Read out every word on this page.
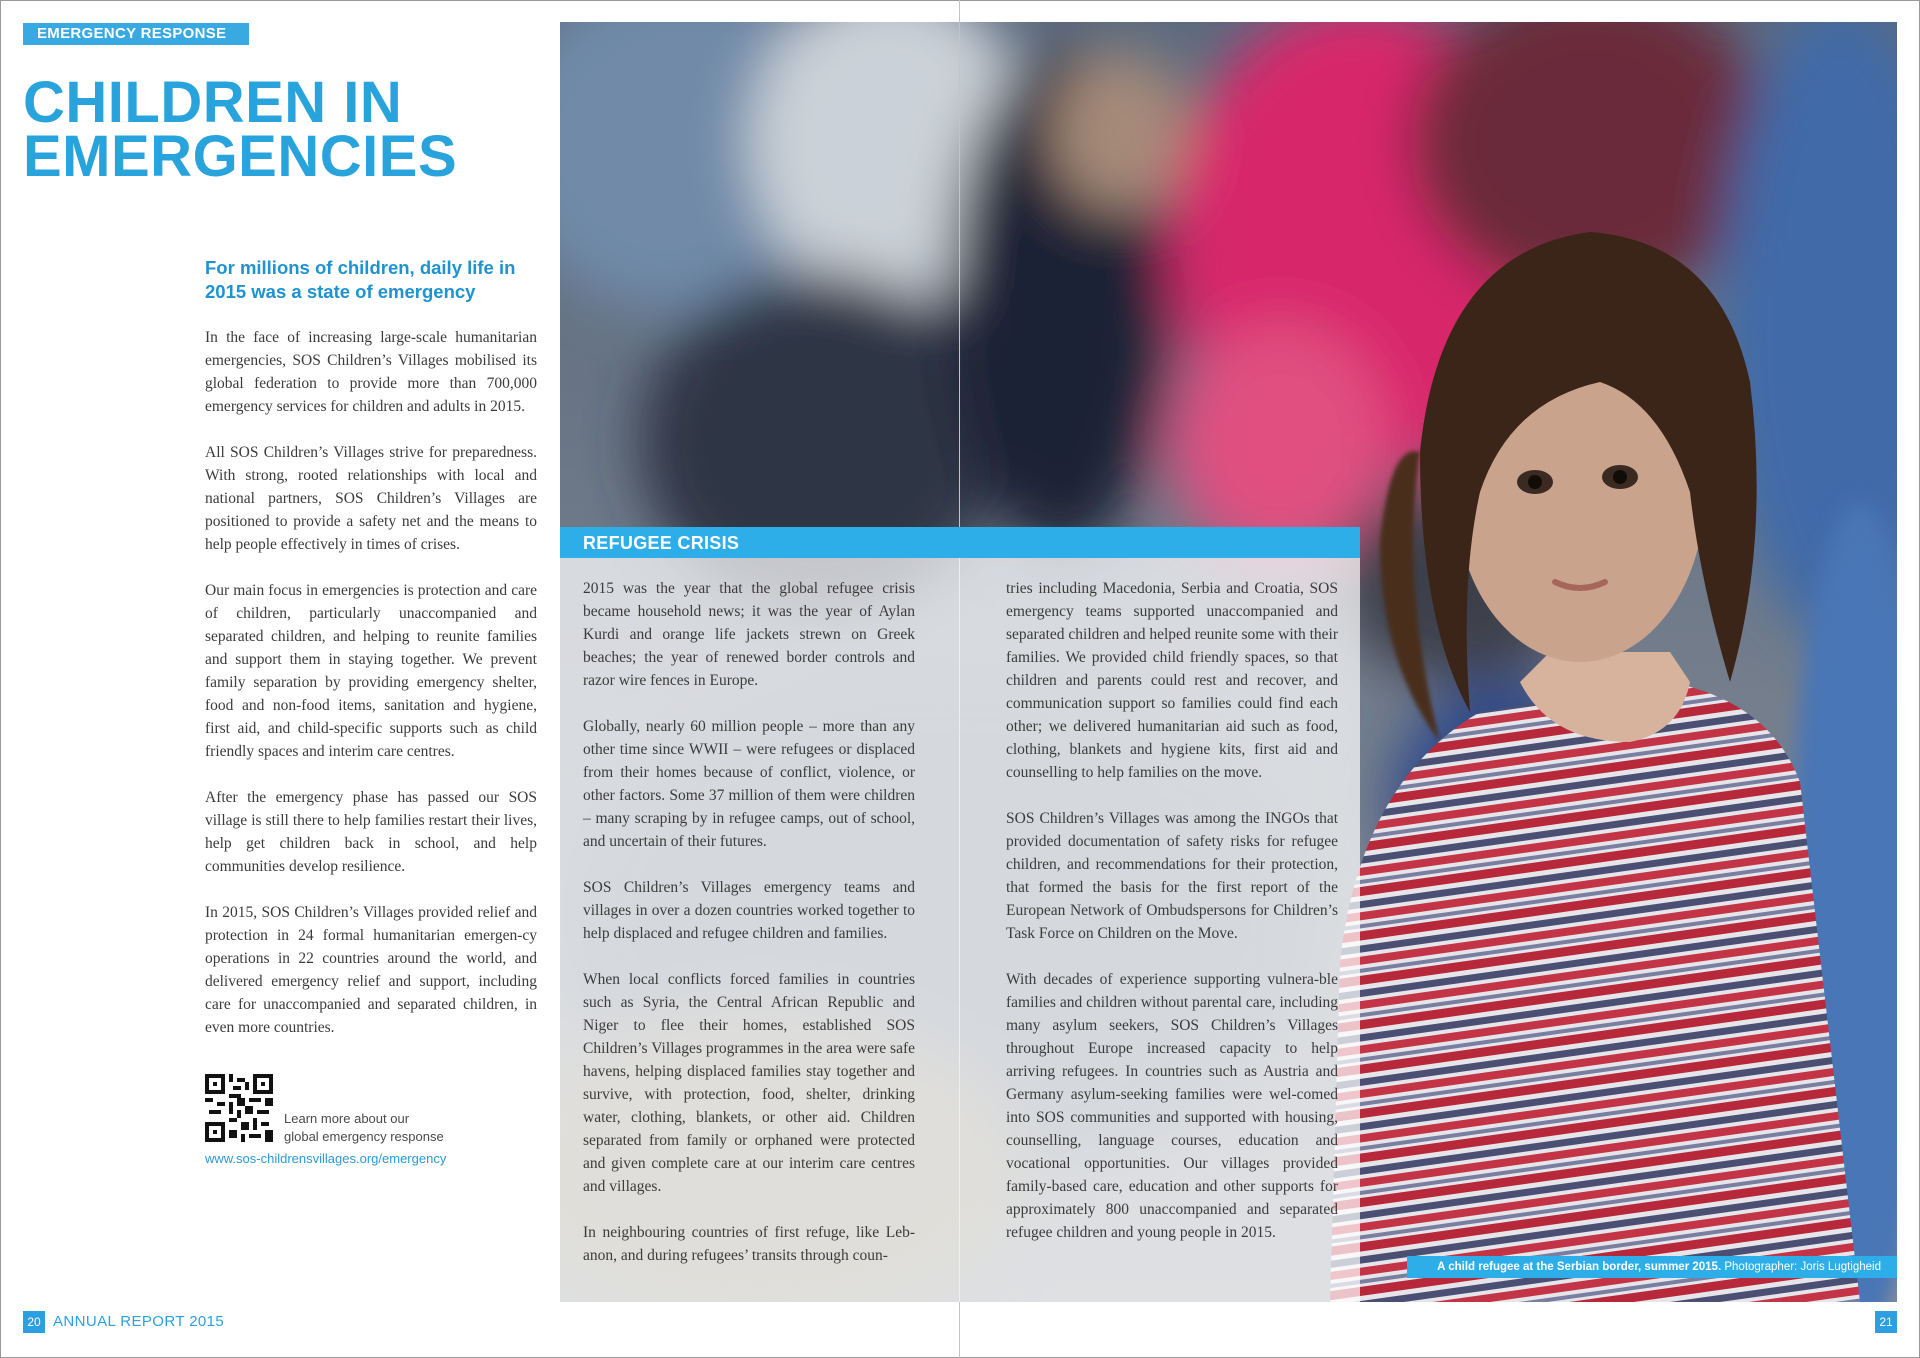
EMERGENCY RESPONSE
CHILDREN IN
EMERGENCIES
For millions of children, daily life in 2015 was a state of emergency

In the face of increasing large-scale humanitarian emergencies, SOS Children’s Villages mobilised its global federation to provide more than 700,000 emergency services for children and adults in 2015.

All SOS Children’s Villages strive for preparedness. With strong, rooted relationships with local and national partners, SOS Children’s Villages are positioned to provide a safety net and the means to help people effectively in times of crises.

Our main focus in emergencies is protection and care of children, particularly unaccompanied and separated children, and helping to reunite families and support them in staying together. We prevent family separation by providing emergency shelter, food and non-food items, sanitation and hygiene, first aid, and child-specific supports such as child friendly spaces and interim care centres.

After the emergency phase has passed our SOS village is still there to help families restart their lives, help get children back in school, and help communities develop resilience.

In 2015, SOS Children’s Villages provided relief and protection in 24 formal humanitarian emergen-cy operations in 22 countries around the world, and delivered emergency relief and support, including care for unaccompanied and separated children, in even more countries.

Learn more about our
global emergency response
www.sos-childrensvillages.org/emergency
20 ANNUAL REPORT 2015
REFUGEE CRISIS

2015 was the year that the global refugee crisis became household news; it was the year of Aylan Kurdi and orange life jackets strewn on Greek beaches; the year of renewed border controls and razor wire fences in Europe.

Globally, nearly 60 million people – more than any other time since WWII – were refugees or displaced from their homes because of conflict, violence, or other factors. Some 37 million of them were children – many scraping by in refugee camps, out of school, and uncertain of their futures.

SOS Children’s Villages emergency teams and villages in over a dozen countries worked together to help displaced and refugee children and families.

When local conflicts forced families in countries such as Syria, the Central African Republic and Niger to flee their homes, established SOS Children’s Villages programmes in the area were safe havens, helping displaced families stay together and survive, with protection, food, shelter, drinking water, clothing, blankets, or other aid. Children separated from family or orphaned were protected and given complete care at our interim care centres and villages.

In neighbouring countries of first refuge, like Leb-anon, and during refugees’ transits through coun-

tries including Macedonia, Serbia and Croatia, SOS emergency teams supported unaccompanied and separated children and helped reunite some with their families. We provided child friendly spaces, so that children and parents could rest and recover, and communication support so families could find each other; we delivered humanitarian aid such as food, clothing, blankets and hygiene kits, first aid and counselling to help families on the move.

SOS Children’s Villages was among the INGOs that provided documentation of safety risks for refugee children, and recommendations for their protection, that formed the basis for the first report of the European Network of Ombudspersons for Children’s Task Force on Children on the Move.

With decades of experience supporting vulnera-ble families and children without parental care, including many asylum seekers, SOS Children’s Villages throughout Europe increased capacity to help arriving refugees. In countries such as Austria and Germany asylum-seeking families were wel-comed into SOS communities and supported with housing, counselling, language courses, education and vocational opportunities. Our villages provided family-based care, education and other supports for approximately 800 unaccompanied and separated refugee children and young people in 2015.

A child refugee at the Serbian border, summer 2015. Photographer: Joris Lugtigheid
21
